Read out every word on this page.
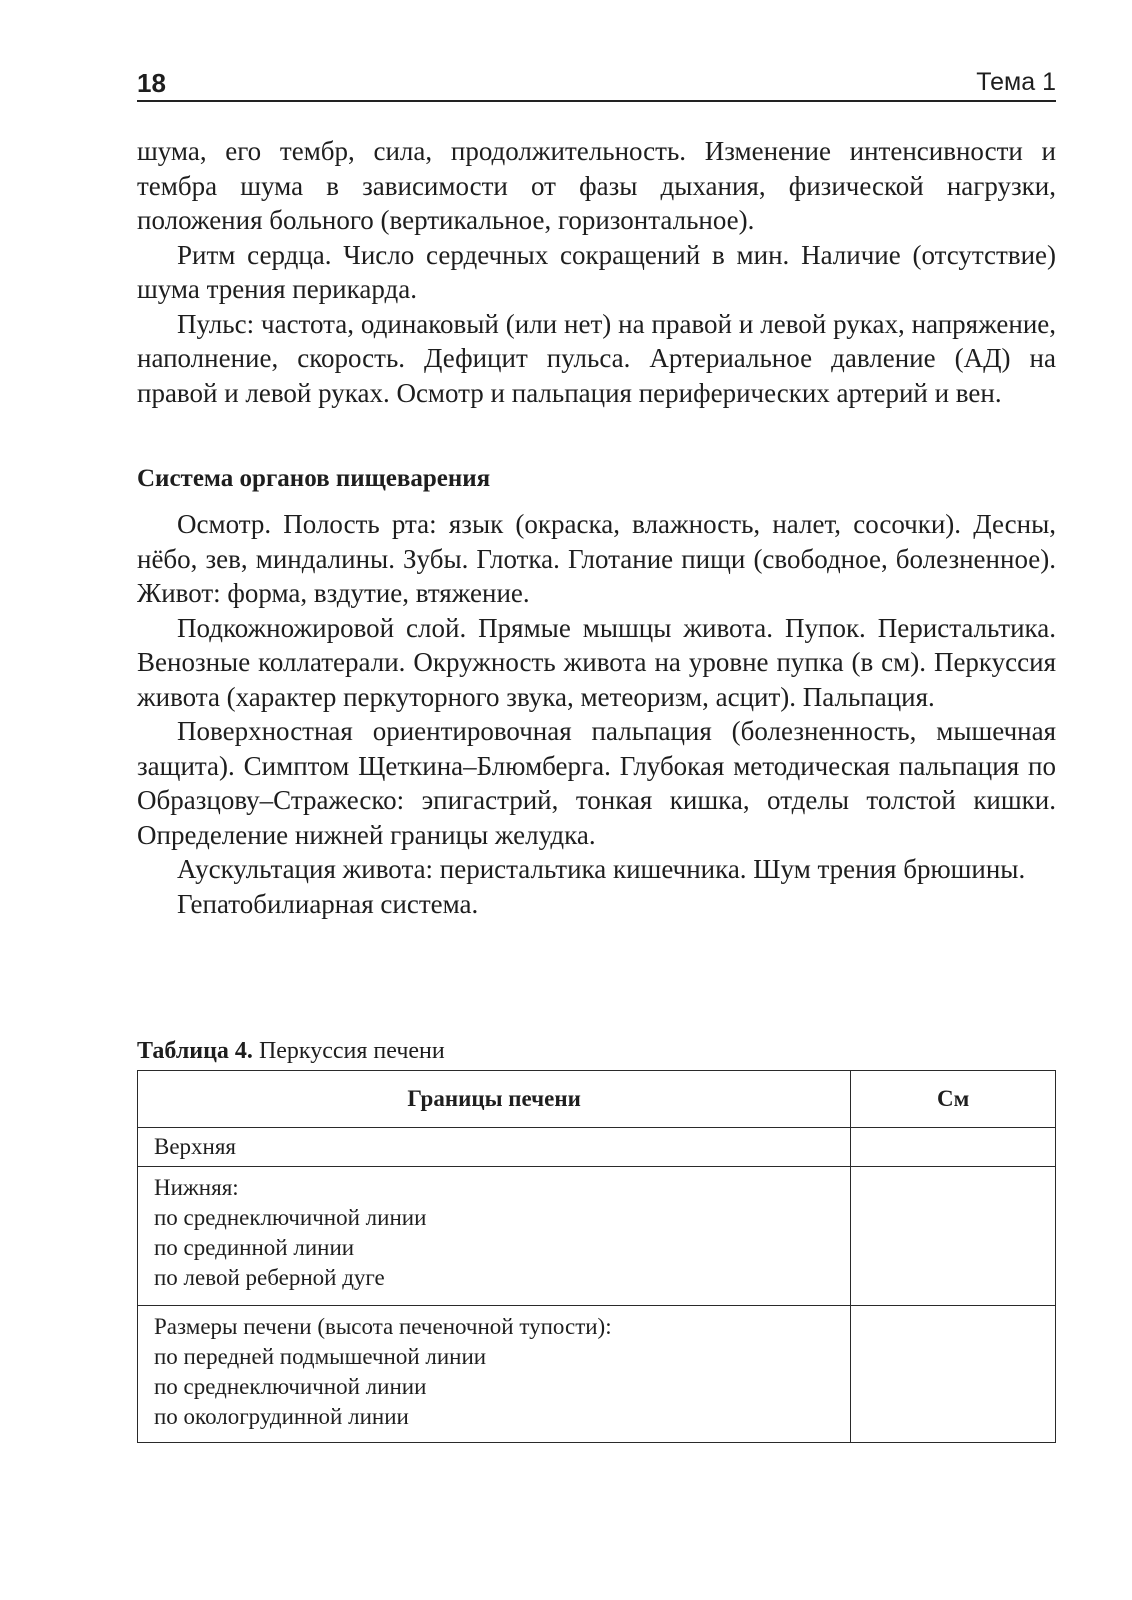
18	Тема 1

шума, его тембр, сила, продолжительность. Изменение интенсивности и тембра шума в зависимости от фазы дыхания, физической нагрузки, положения больного (вертикальное, горизонтальное).

Ритм сердца. Число сердечных сокращений в мин. Наличие (отсутствие) шума трения перикарда.

Пульс: частота, одинаковый (или нет) на правой и левой руках, напряжение, наполнение, скорость. Дефицит пульса. Артериальное давление (АД) на правой и левой руках. Осмотр и пальпация периферических артерий и вен.

Система органов пищеварения

Осмотр. Полость рта: язык (окраска, влажность, налет, сосочки). Десны, нёбо, зев, миндалины. Зубы. Глотка. Глотание пищи (свободное, болезненное). Живот: форма, вздутие, втяжение.

Подкожножировой слой. Прямые мышцы живота. Пупок. Перистальтика. Венозные коллатерали. Окружность живота на уровне пупка (в см). Перкуссия живота (характер перкуторного звука, метеоризм, асцит). Пальпация.

Поверхностная ориентировочная пальпация (болезненность, мышечная защита). Симптом Щеткина–Блюмберга. Глубокая методическая пальпация по Образцову–Стражеско: эпигастрий, тонкая кишка, отделы толстой кишки. Определение нижней границы желудка.

Аускультация живота: перистальтика кишечника. Шум трения брюшины.

Гепатобилиарная система.

Таблица 4. Перкуссия печени
Границы печени	См
Верхняя	

Нижняя:
по среднеключичной линии
по срединной линии
по левой реберной дуге	

Размеры печени (высота печеночной тупости):
по передней подмышечной линии
по среднеключичной линии
по окологрудинной линии	
